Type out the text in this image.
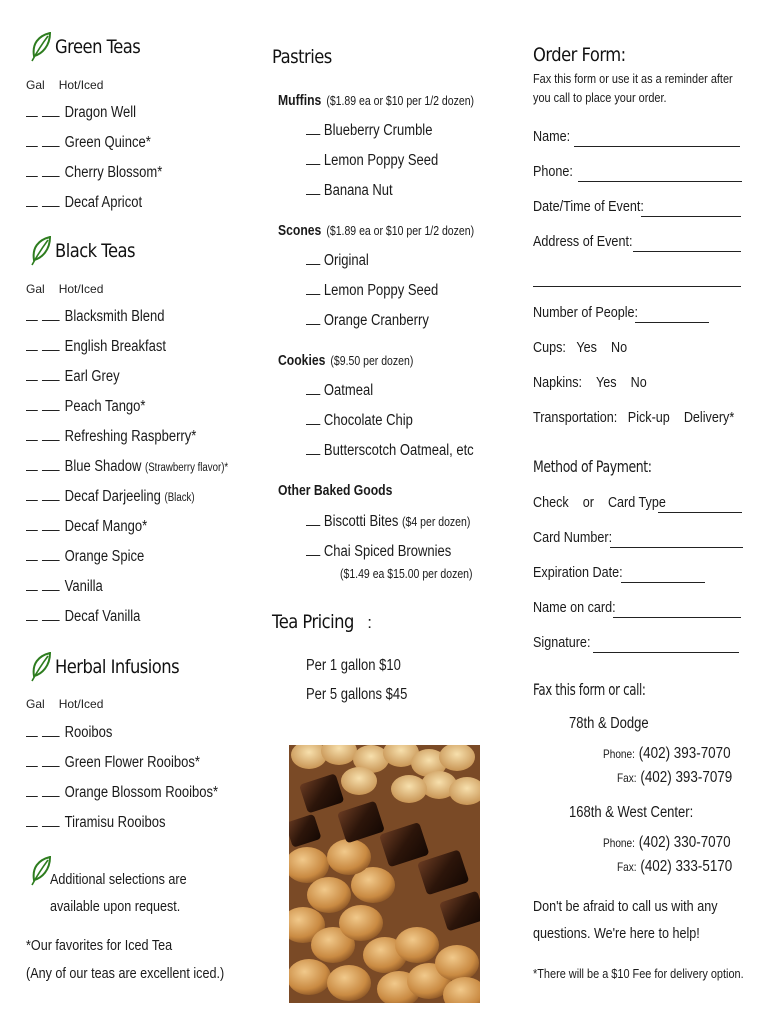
Green Teas
Gal Hot/Iced
Dragon Well
Green Quince*
Cherry Blossom*
Decaf Apricot
Black Teas
Gal Hot/Iced
Blacksmith Blend
English Breakfast
Earl Grey
Peach Tango*
Refreshing Raspberry*
Blue Shadow (Strawberry flavor)*
Decaf Darjeeling (Black)
Decaf Mango*
Orange Spice
Vanilla
Decaf Vanilla
Herbal Infusions
Gal Hot/Iced
Rooibos
Green Flower Rooibos*
Orange Blossom Rooibos*
Tiramisu Rooibos
Additional selections are
available upon request.
*Our favorites for Iced Tea
(Any of our teas are excellent iced.)
Pastries
Muffins ($1.89 ea or $10 per 1/2 dozen)
Blueberry Crumble
Lemon Poppy Seed
Banana Nut
Scones ($1.89 ea or $10 per 1/2 dozen)
Original
Lemon Poppy Seed
Orange Cranberry
Cookies ($9.50 per dozen)
Oatmeal
Chocolate Chip
Butterscotch Oatmeal, etc
Other Baked Goods
Biscotti Bites ($4 per dozen)
Chai Spiced Brownies
($1.49 ea $15.00 per dozen)
Tea Pricing :
Per 1 gallon $10
Per 5 gallons $45
Order Form:
Fax this form or use it as a reminder after
you call to place your order.
Name:
Phone:
Date/Time of Event:
Address of Event:
Number of People:
Cups: Yes No
Napkins: Yes No
Transportation: Pick-up Delivery*
Method of Payment:
Check or Card Type
Card Number:
Expiration Date:
Name on card:
Signature:
Fax this form or call:
78th & Dodge
Phone: (402) 393-7070
Fax: (402) 393-7079
168th & West Center:
Phone: (402) 330-7070
Fax: (402) 333-5170
Don't be afraid to call us with any
questions. We're here to help!
*There will be a $10 Fee for delivery option.
